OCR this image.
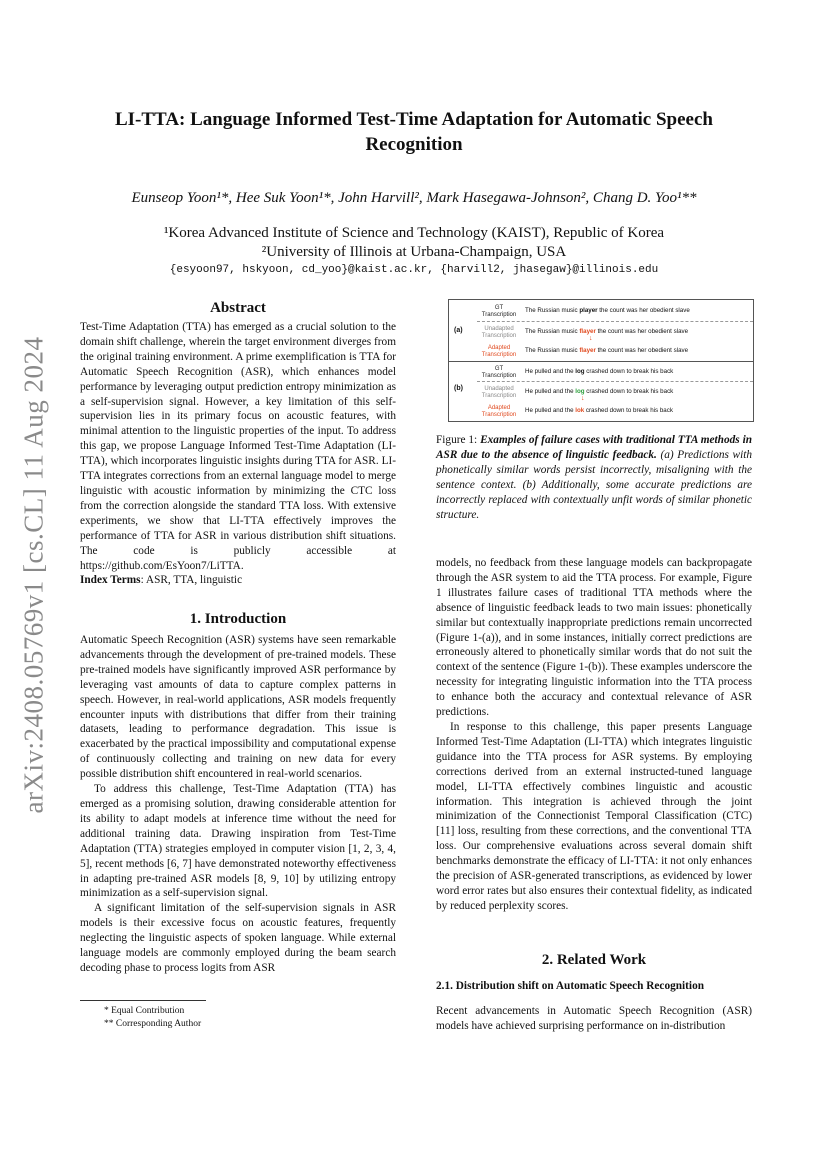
arXiv:2408.05769v1 [cs.CL] 11 Aug 2024
LI-TTA: Language Informed Test-Time Adaptation for Automatic Speech Recognition
Eunseop Yoon¹*, Hee Suk Yoon¹*, John Harvill², Mark Hasegawa-Johnson², Chang D. Yoo¹**
¹Korea Advanced Institute of Science and Technology (KAIST), Republic of Korea
²University of Illinois at Urbana-Champaign, USA
{esyoon97, hskyoon, cd_yoo}@kaist.ac.kr, {harvill2, jhasegaw}@illinois.edu
Abstract

Test-Time Adaptation (TTA) has emerged as a crucial solution to the domain shift challenge, wherein the target environment diverges from the original training environment. A prime exemplification is TTA for Automatic Speech Recognition (ASR), which enhances model performance by leveraging output prediction entropy minimization as a self-supervision signal. However, a key limitation of this self-supervision lies in its primary focus on acoustic features, with minimal attention to the linguistic properties of the input. To address this gap, we propose Language Informed Test-Time Adaptation (LI-TTA), which incorporates linguistic insights during TTA for ASR. LI-TTA integrates corrections from an external language model to merge linguistic with acoustic information by minimizing the CTC loss from the correction alongside the standard TTA loss. With extensive experiments, we show that LI-TTA effectively improves the performance of TTA for ASR in various distribution shift situations. The code is publicly accessible at https://github.com/EsYoon7/LiTTA.

Index Terms: ASR, TTA, linguistic

1. Introduction

Automatic Speech Recognition (ASR) systems have seen remarkable advancements through the development of pre-trained models. These pre-trained models have significantly improved ASR performance by leveraging vast amounts of data to capture complex patterns in speech. However, in real-world applications, ASR models frequently encounter inputs with distributions that differ from their training datasets, leading to performance degradation. This issue is exacerbated by the practical impossibility and computational expense of continuously collecting and training on new data for every possible distribution shift encountered in real-world scenarios.

To address this challenge, Test-Time Adaptation (TTA) has emerged as a promising solution, drawing considerable attention for its ability to adapt models at inference time without the need for additional training data. Drawing inspiration from Test-Time Adaptation (TTA) strategies employed in computer vision [1, 2, 3, 4, 5], recent methods [6, 7] have demonstrated noteworthy effectiveness in adapting pre-trained ASR models [8, 9, 10] by utilizing entropy minimization as a self-supervision signal.

A significant limitation of the self-supervision signals in ASR models is their excessive focus on acoustic features, frequently neglecting the linguistic aspects of spoken language. While external language models are commonly employed during the beam search decoding phase to process logits from ASR

* Equal Contribution
** Corresponding Author
(a)
(b)
GT
Transcription
The Russian music player the count was her obedient slave
Unadapted
Transcription
The Russian music flayer the count was her obedient slave
↓
Adapted
Transcription
The Russian music flayer the count was her obedient slave
GT
Transcription
He pulled and the log crashed down to break his back
Unadapted
Transcription
He pulled and the log crashed down to break his back
↓
Adapted
Transcription
He pulled and the lok crashed down to break his back
Figure 1: Examples of failure cases with traditional TTA methods in ASR due to the absence of linguistic feedback. (a) Predictions with phonetically similar words persist incorrectly, misaligning with the sentence context. (b) Additionally, some accurate predictions are incorrectly replaced with contextually unfit words of similar phonetic structure.

models, no feedback from these language models can backpropagate through the ASR system to aid the TTA process. For example, Figure 1 illustrates failure cases of traditional TTA methods where the absence of linguistic feedback leads to two main issues: phonetically similar but contextually inappropriate predictions remain uncorrected (Figure 1-(a)), and in some instances, initially correct predictions are erroneously altered to phonetically similar words that do not suit the context of the sentence (Figure 1-(b)). These examples underscore the necessity for integrating linguistic information into the TTA process to enhance both the accuracy and contextual relevance of ASR predictions.

In response to this challenge, this paper presents Language Informed Test-Time Adaptation (LI-TTA) which integrates linguistic guidance into the TTA process for ASR systems. By employing corrections derived from an external instructed-tuned language model, LI-TTA effectively combines linguistic and acoustic information. This integration is achieved through the joint minimization of the Connectionist Temporal Classification (CTC) [11] loss, resulting from these corrections, and the conventional TTA loss. Our comprehensive evaluations across several domain shift benchmarks demonstrate the efficacy of LI-TTA: it not only enhances the precision of ASR-generated transcriptions, as evidenced by lower word error rates but also ensures their contextual fidelity, as indicated by reduced perplexity scores.

2. Related Work
2.1. Distribution shift on Automatic Speech Recognition

Recent advancements in Automatic Speech Recognition (ASR) models have achieved surprising performance on in-distribution
